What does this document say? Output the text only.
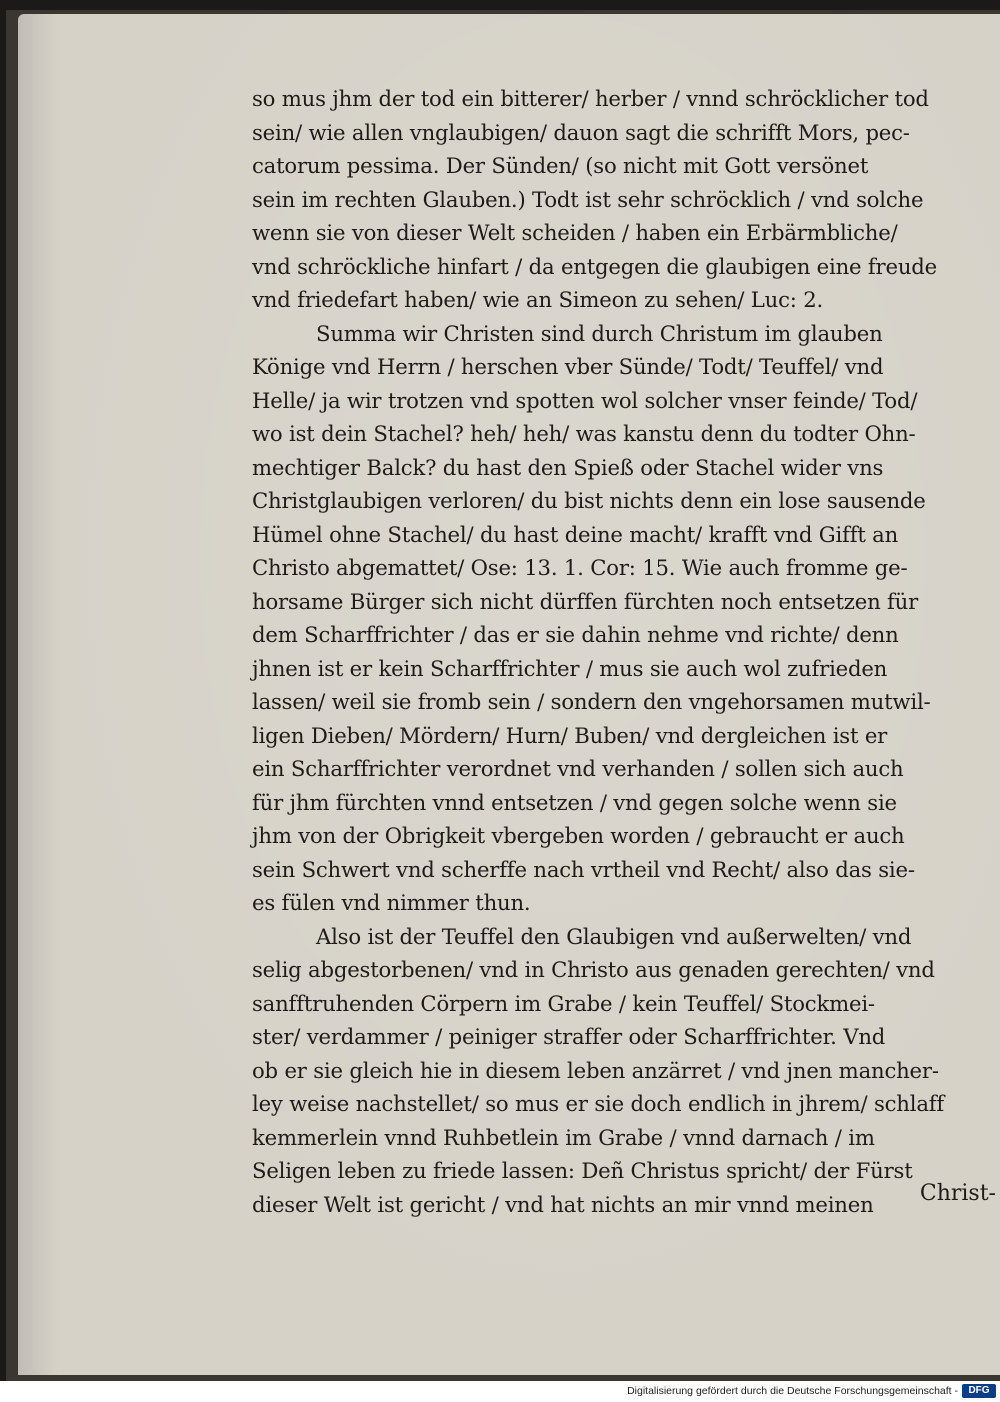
so mus jhm der tod ein bitterer/ herber / vnnd schröcklicher tod
sein/ wie allen vnglaubigen/ dauon sagt die schrifft Mors, pec-
catorum pessima. Der Sünden/ (so nicht mit Gott versönet
sein im rechten Glauben.) Todt ist sehr schröcklich / vnd solche
wenn sie von dieser Welt scheiden / haben ein Erbärmbliche/
vnd schröckliche hinfart / da entgegen die glaubigen eine freude
vnd friedefart haben/ wie an Simeon zu sehen/ Luc: 2.
Summa wir Christen sind durch Christum im glauben
Könige vnd Herrn / herschen vber Sünde/ Todt/ Teuffel/ vnd
Helle/ ja wir trotzen vnd spotten wol solcher vnser feinde/ Tod/
wo ist dein Stachel? heh/ heh/ was kanstu denn du todter Ohn-
mechtiger Balck? du hast den Spieß oder Stachel wider vns
Christglaubigen verloren/ du bist nichts denn ein lose sausende
Hümel ohne Stachel/ du hast deine macht/ krafft vnd Gifft an
Christo abgemattet/ Ose: 13. 1. Cor: 15. Wie auch fromme ge-
horsame Bürger sich nicht dürffen fürchten noch entsetzen für
dem Scharffrichter / das er sie dahin nehme vnd richte/ denn
jhnen ist er kein Scharffrichter / mus sie auch wol zufrieden
lassen/ weil sie fromb sein / sondern den vngehorsamen mutwil-
ligen Dieben/ Mördern/ Hurn/ Buben/ vnd dergleichen ist er
ein Scharffrichter verordnet vnd verhanden / sollen sich auch
für jhm fürchten vnnd entsetzen / vnd gegen solche wenn sie
jhm von der Obrigkeit vbergeben worden / gebraucht er auch
sein Schwert vnd scherffe nach vrtheil vnd Recht/ also das sie-
es fülen vnd nimmer thun.
Also ist der Teuffel den Glaubigen vnd außerwelten/ vnd
selig abgestorbenen/ vnd in Christo aus genaden gerechten/ vnd
sanfftruhenden Cörpern im Grabe / kein Teuffel/ Stockmei-
ster/ verdammer / peiniger straffer oder Scharffrichter. Vnd
ob er sie gleich hie in diesem leben anzärret / vnd jnen mancher-
ley weise nachstellet/ so mus er sie doch endlich in jhrem/ schlaff
kemmerlein vnnd Ruhbetlein im Grabe / vnnd darnach / im
Seligen leben zu friede lassen: Deñ Christus spricht/ der Fürst
dieser Welt ist gericht / vnd hat nichts an mir vnnd meinen	Christ-
Digitalisierung gefördert durch die Deutsche Forschungsgemeinschaft -	DFG
